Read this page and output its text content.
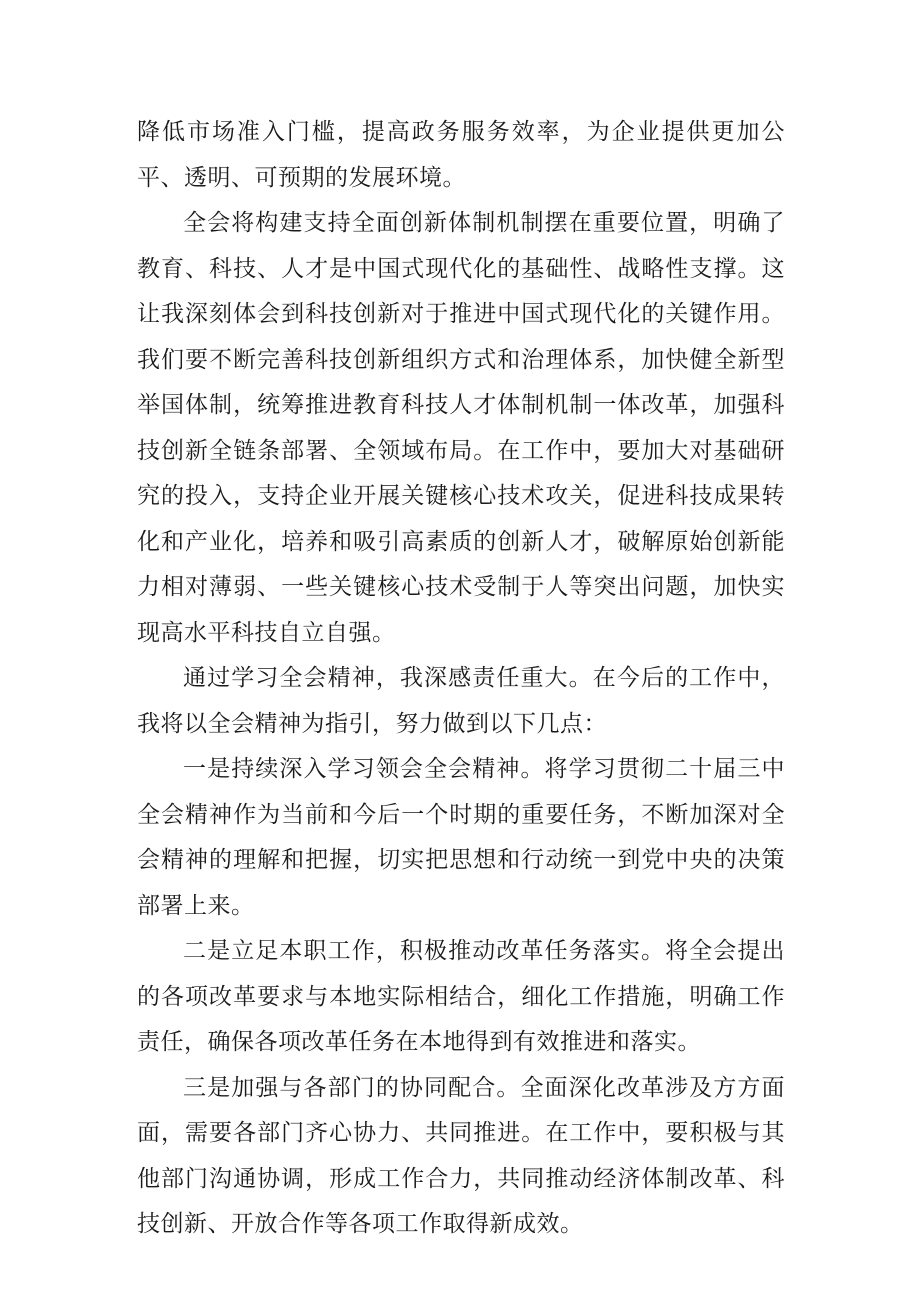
降低市场准入门槛，提高政务服务效率，为企业提供更加公平、透明、可预期的发展环境。

全会将构建支持全面创新体制机制摆在重要位置，明确了教育、科技、人才是中国式现代化的基础性、战略性支撑。这让我深刻体会到科技创新对于推进中国式现代化的关键作用。我们要不断完善科技创新组织方式和治理体系，加快健全新型举国体制，统筹推进教育科技人才体制机制一体改革，加强科技创新全链条部署、全领域布局。在工作中，要加大对基础研究的投入，支持企业开展关键核心技术攻关，促进科技成果转化和产业化，培养和吸引高素质的创新人才，破解原始创新能力相对薄弱、一些关键核心技术受制于人等突出问题，加快实现高水平科技自立自强。

通过学习全会精神，我深感责任重大。在今后的工作中，我将以全会精神为指引，努力做到以下几点：

一是持续深入学习领会全会精神。将学习贯彻二十届三中全会精神作为当前和今后一个时期的重要任务，不断加深对全会精神的理解和把握，切实把思想和行动统一到党中央的决策部署上来。

二是立足本职工作，积极推动改革任务落实。将全会提出的各项改革要求与本地实际相结合，细化工作措施，明确工作责任，确保各项改革任务在本地得到有效推进和落实。

三是加强与各部门的协同配合。全面深化改革涉及方方面面，需要各部门齐心协力、共同推进。在工作中，要积极与其他部门沟通协调，形成工作合力，共同推动经济体制改革、科技创新、开放合作等各项工作取得新成效。
